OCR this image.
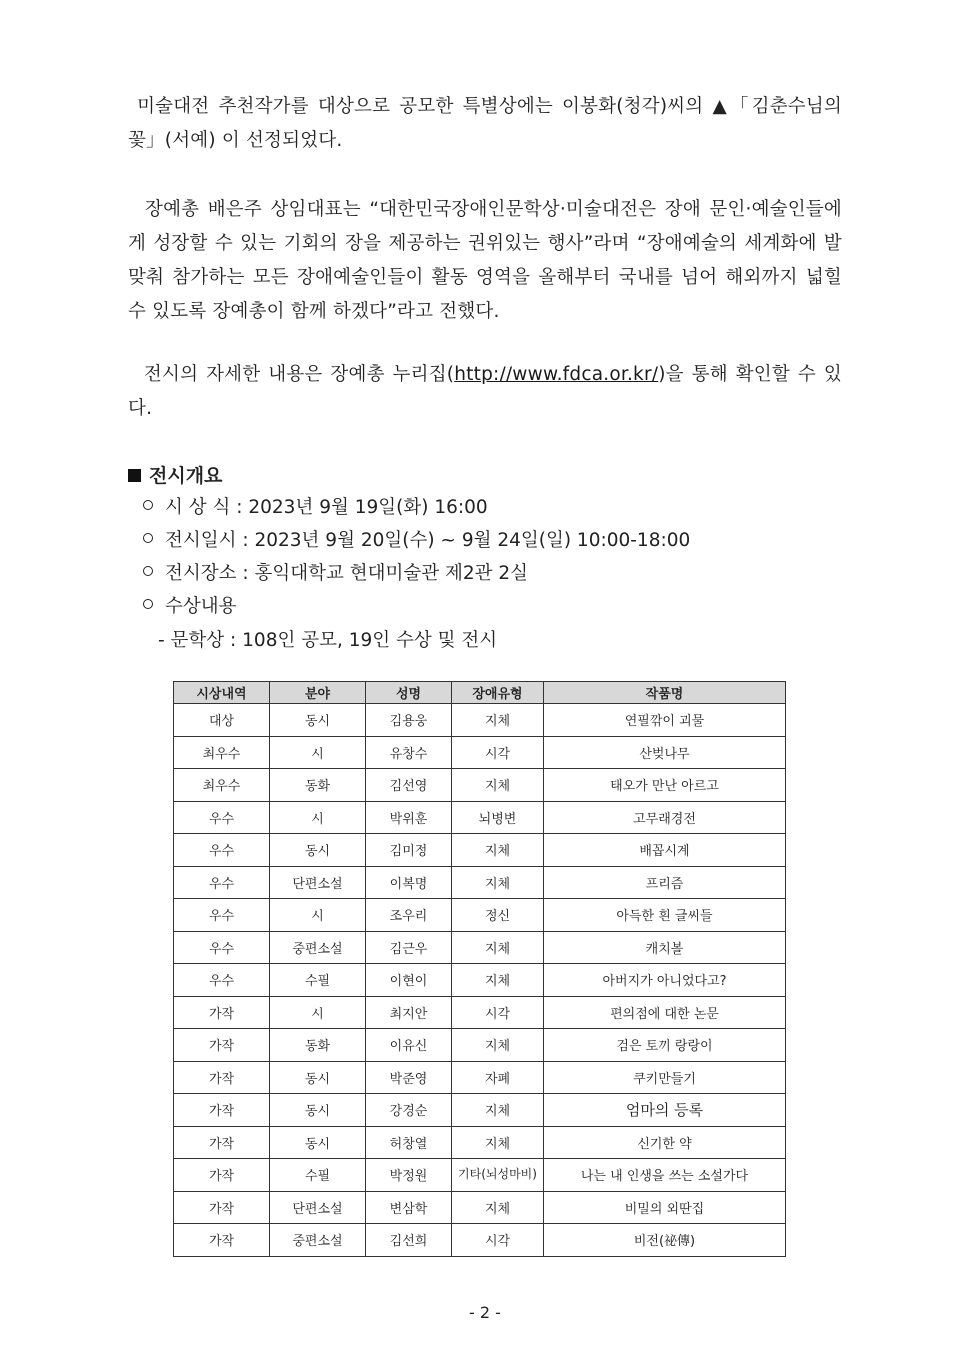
미술대전 추천작가를 대상으로 공모한 특별상에는 이봉화(청각)씨의 ▲「김춘수님의 꽃」(서예) 이 선정되었다.

장예총 배은주 상임대표는 “대한민국장애인문학상·미술대전은 장애 문인·예술인들에게 성장할 수 있는 기회의 장을 제공하는 권위있는 행사”라며 “장애예술의 세계화에 발맞춰 참가하는 모든 장애예술인들이 활동 영역을 올해부터 국내를 넘어 해외까지 넓힐 수 있도록 장예총이 함께 하겠다”라고 전했다.

전시의 자세한 내용은 장예총 누리집(http://www.fdca.or.kr/)을 통해 확인할 수 있다.

전시개요
시 상 식 : 2023년 9월 19일(화) 16:00
전시일시 : 2023년 9월 20일(수) ~ 9월 24일(일) 10:00-18:00
전시장소 : 홍익대학교 현대미술관 제2관 2실
수상내용
- 문학상 : 108인 공모, 19인 수상 및 전시
시상내역	분야	성명	장애유형	작품명
대상	동시	김용웅	지체	연필깎이 괴물
최우수	시	유창수	시각	산벚나무
최우수	동화	김선영	지체	태오가 만난 아르고
우수	시	박위훈	뇌병변	고무래경전
우수	동시	김미정	지체	배꼽시계
우수	단편소설	이복명	지체	프리즘
우수	시	조우리	정신	아득한 흰 글씨들
우수	중편소설	김근우	지체	캐치볼
우수	수필	이현이	지체	아버지가 아니었다고?
가작	시	최지안	시각	편의점에 대한 논문
가작	동화	이유신	지체	검은 토끼 랑랑이
가작	동시	박준영	자폐	쿠키만들기
가작	동시	강경순	지체	엄마의 등록
가작	동시	허창열	지체	신기한 약
가작	수필	박정원	기타(뇌성마비)	나는 내 인생을 쓰는 소설가다
가작	단편소설	변삼학	지체	비밀의 외딴집
가작	중편소설	김선희	시각	비전(祕傳)
- 2 -
